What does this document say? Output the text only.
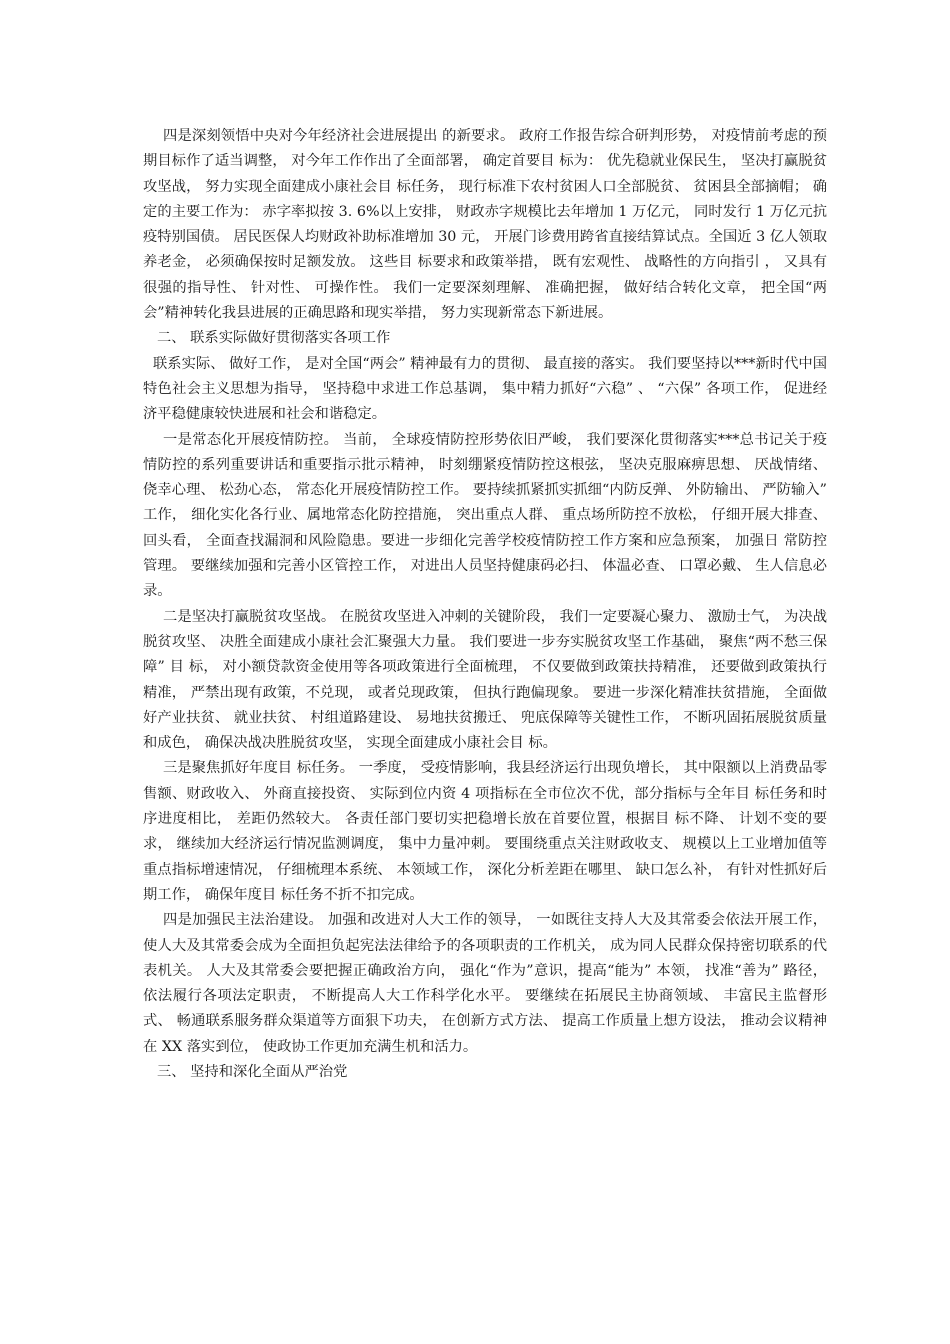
四是深刻领悟中央对今年经济社会进展提出 的新要求。 政府工作报告综合研判形势， 对疫情前考虑的预期目标作了适当调整， 对今年工作作出了全面部署， 确定首要目 标为： 优先稳就业保民生， 坚决打赢脱贫攻坚战， 努力实现全面建成小康社会目 标任务， 现行标准下农村贫困人口全部脱贫、 贫困县全部摘帽； 确定的主要工作为： 赤字率拟按 3. 6%以上安排， 财政赤字规模比去年增加 1 万亿元， 同时发行 1 万亿元抗疫特别国债。 居民医保人均财政补助标准增加 30 元， 开展门诊费用跨省直接结算试点。全国近 3 亿人领取养老金， 必须确保按时足额发放。 这些目 标要求和政策举措， 既有宏观性、 战略性的方向指引 ， 又具有很强的指导性、 针对性、 可操作性。 我们一定要深刻理解、 准确把握， 做好结合转化文章， 把全国“两会”精神转化我县进展的正确思路和现实举措， 努力实现新常态下新进展。

二、 联系实际做好贯彻落实各项工作

联系实际、 做好工作， 是对全国“两会” 精神最有力的贯彻、 最直接的落实。 我们要坚持以***新时代中国特色社会主义思想为指导， 坚持稳中求进工作总基调， 集中精力抓好“六稳” 、 “六保” 各项工作， 促进经济平稳健康较快进展和社会和谐稳定。

一是常态化开展疫情防控。 当前， 全球疫情防控形势依旧严峻， 我们要深化贯彻落实***总书记关于疫情防控的系列重要讲话和重要指示批示精神， 时刻绷紧疫情防控这根弦， 坚决克服麻痹思想、 厌战情绪、 侥幸心理、 松劲心态， 常态化开展疫情防控工作。 要持续抓紧抓实抓细“内防反弹、 外防输出、 严防输入” 工作， 细化实化各行业、属地常态化防控措施， 突出重点人群、 重点场所防控不放松， 仔细开展大排查、 回头看， 全面查找漏洞和风险隐患。要进一步细化完善学校疫情防控工作方案和应急预案， 加强日 常防控管理。 要继续加强和完善小区管控工作， 对进出人员坚持健康码必扫、 体温必查、 口罩必戴、 生人信息必录。

二是坚决打赢脱贫攻坚战。 在脱贫攻坚进入冲刺的关键阶段， 我们一定要凝心聚力、 激励士气， 为决战脱贫攻坚、 决胜全面建成小康社会汇聚强大力量。 我们要进一步夯实脱贫攻坚工作基础， 聚焦“两不愁三保障” 目 标， 对小额贷款资金使用等各项政策进行全面梳理， 不仅要做到政策扶持精准， 还要做到政策执行精准， 严禁出现有政策，不兑现， 或者兑现政策， 但执行跑偏现象。 要进一步深化精准扶贫措施， 全面做好产业扶贫、 就业扶贫、 村组道路建设、 易地扶贫搬迁、 兜底保障等关键性工作， 不断巩固拓展脱贫质量和成色， 确保决战决胜脱贫攻坚， 实现全面建成小康社会目 标。

三是聚焦抓好年度目 标任务。 一季度， 受疫情影响，我县经济运行出现负增长， 其中限额以上消费品零售额、财政收入、 外商直接投资、 实际到位内资 4 项指标在全市位次不优，部分指标与全年目 标任务和时序进度相比， 差距仍然较大。 各责任部门要切实把稳增长放在首要位置，根据目 标不降、 计划不变的要求， 继续加大经济运行情况监测调度， 集中力量冲刺。 要围绕重点关注财政收支、 规模以上工业增加值等重点指标增速情况， 仔细梳理本系统、 本领域工作， 深化分析差距在哪里、 缺口怎么补， 有针对性抓好后期工作， 确保年度目 标任务不折不扣完成。

四是加强民主法治建设。 加强和改进对人大工作的领导， 一如既往支持人大及其常委会依法开展工作， 使人大及其常委会成为全面担负起宪法法律给予的各项职责的工作机关， 成为同人民群众保持密切联系的代表机关。 人大及其常委会要把握正确政治方向， 强化“作为”意识，提高“能为” 本领， 找准“善为” 路径， 依法履行各项法定职责， 不断提高人大工作科学化水平。 要继续在拓展民主协商领域、 丰富民主监督形式、 畅通联系服务群众渠道等方面狠下功夫， 在创新方式方法、 提高工作质量上想方设法， 推动会议精神在 XX 落实到位， 使政协工作更加充满生机和活力。

三、 坚持和深化全面从严治党
